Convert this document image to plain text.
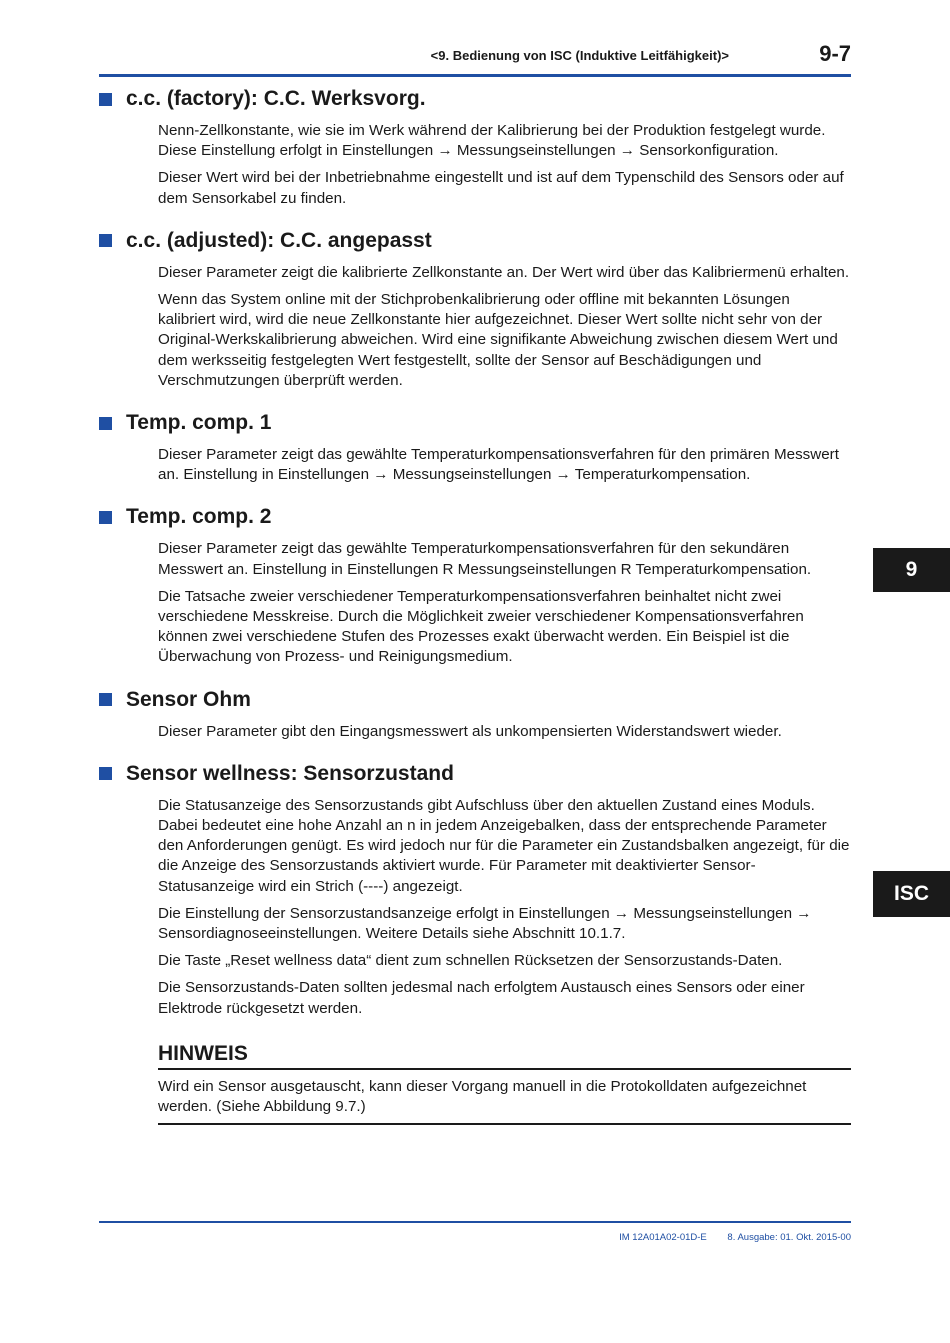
<9. Bedienung von ISC (Induktive Leitfähigkeit)>	9-7
c.c. (factory): C.C. Werksvorg.

Nenn-Zellkonstante, wie sie im Werk während der Kalibrierung bei der Produktion festgelegt wurde. Diese Einstellung erfolgt in Einstellungen → Messungseinstellungen → Sensorkonfiguration.

Dieser Wert wird bei der Inbetriebnahme eingestellt und ist auf dem Typenschild des Sensors oder auf dem Sensorkabel zu finden.

c.c. (adjusted): C.C. angepasst

Dieser Parameter zeigt die kalibrierte Zellkonstante an. Der Wert wird über das Kalibriermenü erhalten.

Wenn das System online mit der Stichprobenkalibrierung oder offline mit bekannten Lösungen kalibriert wird, wird die neue Zellkonstante hier aufgezeichnet. Dieser Wert sollte nicht sehr von der Original-Werkskalibrierung abweichen. Wird eine signifikante Abweichung zwischen diesem Wert und dem werksseitig festgelegten Wert festgestellt, sollte der Sensor auf Beschädigungen und Verschmutzungen überprüft werden.

Temp. comp. 1

Dieser Parameter zeigt das gewählte Temperaturkompensationsverfahren für den primären Messwert an. Einstellung in Einstellungen → Messungseinstellungen → Temperaturkompensation.

Temp. comp. 2

Dieser Parameter zeigt das gewählte Temperaturkompensationsverfahren für den sekundären Messwert an. Einstellung in Einstellungen R Messungseinstellungen R Temperaturkompensation.

Die Tatsache zweier verschiedener Temperaturkompensationsverfahren beinhaltet nicht zwei verschiedene Messkreise. Durch die Möglichkeit zweier verschiedener Kompensationsverfahren können zwei verschiedene Stufen des Prozesses exakt überwacht werden. Ein Beispiel ist die Überwachung von Prozess- und Reinigungsmedium.

Sensor Ohm

Dieser Parameter gibt den Eingangsmesswert als unkompensierten Widerstandswert wieder.

Sensor wellness: Sensorzustand

Die Statusanzeige des Sensorzustands gibt Aufschluss über den aktuellen Zustand eines Moduls. Dabei bedeutet eine hohe Anzahl an n in jedem Anzeigebalken, dass der entsprechende Parameter den Anforderungen genügt. Es wird jedoch nur für die Parameter ein Zustandsbalken angezeigt, für die die Anzeige des Sensorzustands aktiviert wurde. Für Parameter mit deaktivierter Sensor-Statusanzeige wird ein Strich (----) angezeigt.

Die Einstellung der Sensorzustandsanzeige erfolgt in Einstellungen → Messungseinstellungen → Sensordiagnoseeinstellungen. Weitere Details siehe Abschnitt 10.1.7.

Die Taste „Reset wellness data“ dient zum schnellen Rücksetzen der Sensorzustands-Daten.

Die Sensorzustands-Daten sollten jedesmal nach erfolgtem Austausch eines Sensors oder einer Elektrode rückgesetzt werden.

HINWEIS

Wird ein Sensor ausgetauscht, kann dieser Vorgang manuell in die Protokolldaten aufgezeichnet werden. (Siehe Abbildung 9.7.)

9
ISC
IM 12A01A02-01D-E 8. Ausgabe: 01. Okt. 2015-00
